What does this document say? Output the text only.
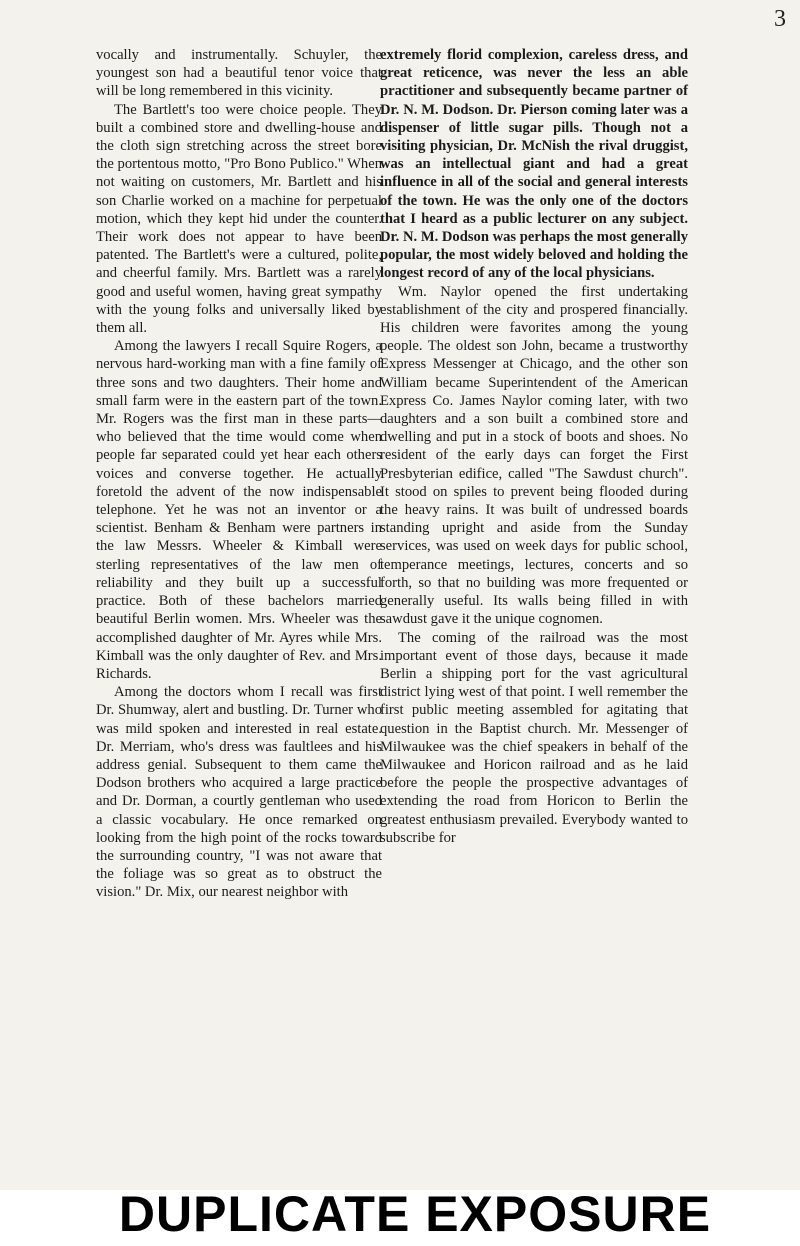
3

vocally and instrumentally. Schuyler, the youngest son had a beautiful tenor voice that will be long remembered in this vicinity.

The Bartlett's too were choice people. They built a combined store and dwelling-house and the cloth sign stretching across the street bore the portentous motto, "Pro Bono Publico." When not waiting on customers, Mr. Bartlett and his son Charlie worked on a machine for perpetual motion, which they kept hid under the counter. Their work does not appear to have been patented. The Bartlett's were a cultured, polite, and cheerful family. Mrs. Bartlett was a rarely good and useful women, having great sympathy with the young folks and universally liked by them all.

Among the lawyers I recall Squire Rogers, a nervous hard-working man with a fine family of three sons and two daughters. Their home and small farm were in the eastern part of the town. Mr. Rogers was the first man in these parts— who believed that the time would come when people far separated could yet hear each others voices and converse together. He actually foretold the advent of the now indispensable telephone. Yet he was not an inventor or a scientist. Benham & Benham were partners in the law Messrs. Wheeler & Kimball were sterling representatives of the law men of reliability and they built up a successful practice. Both of these bachelors married beautiful Berlin women. Mrs. Wheeler was the accomplished daughter of Mr. Ayres while Mrs. Kimball was the only daughter of Rev. and Mrs. Richards.

Among the doctors whom I recall was first Dr. Shumway, alert and bustling. Dr. Turner who was mild spoken and interested in real estate. Dr. Merriam, who's dress was faultlees and his address genial. Subsequent to them came the Dodson brothers who acquired a large practice and Dr. Dorman, a courtly gentleman who used a classic vocabulary. He once remarked on looking from the high point of the rocks toward the surrounding country, "I was not aware that the foliage was so great as to obstruct the vision." Dr. Mix, our nearest neighbor with

extremely florid complexion, careless dress, and great reticence, was never the less an able practitioner and subsequently became partner of Dr. N. M. Dodson. Dr. Pierson coming later was a dispenser of little sugar pills. Though not a visiting physician, Dr. McNish the rival druggist, was an intellectual giant and had a great influence in all of the social and general interests of the town. He was the only one of the doctors that I heard as a public lecturer on any subject. Dr. N. M. Dodson was perhaps the most generally popular, the most widely beloved and holding the longest record of any of the local physicians.

Wm. Naylor opened the first undertaking establishment of the city and prospered financially. His children were favorites among the young people. The oldest son John, became a trustworthy Express Messenger at Chicago, and the other son William became Superintendent of the American Express Co. James Naylor coming later, with two daughters and a son built a combined store and dwelling and put in a stock of boots and shoes. No resident of the early days can forget the First Presbyterian edifice, called "The Sawdust church". It stood on spiles to prevent being flooded during the heavy rains. It was built of undressed boards standing upright and aside from the Sunday services, was used on week days for public school, temperance meetings, lectures, concerts and so forth, so that no building was more frequented or generally useful. Its walls being filled in with sawdust gave it the unique cognomen.

The coming of the railroad was the most important event of those days, because it made Berlin a shipping port for the vast agricultural district lying west of that point. I well remember the first public meeting assembled for agitating that question in the Baptist church. Mr. Messenger of Milwaukee was the chief speakers in behalf of the Milwaukee and Horicon railroad and as he laid before the people the prospective advantages of extending the road from Horicon to Berlin the greatest enthusiasm prevailed. Everybody wanted to subscribe for

DUPLICATE EXPOSURE
